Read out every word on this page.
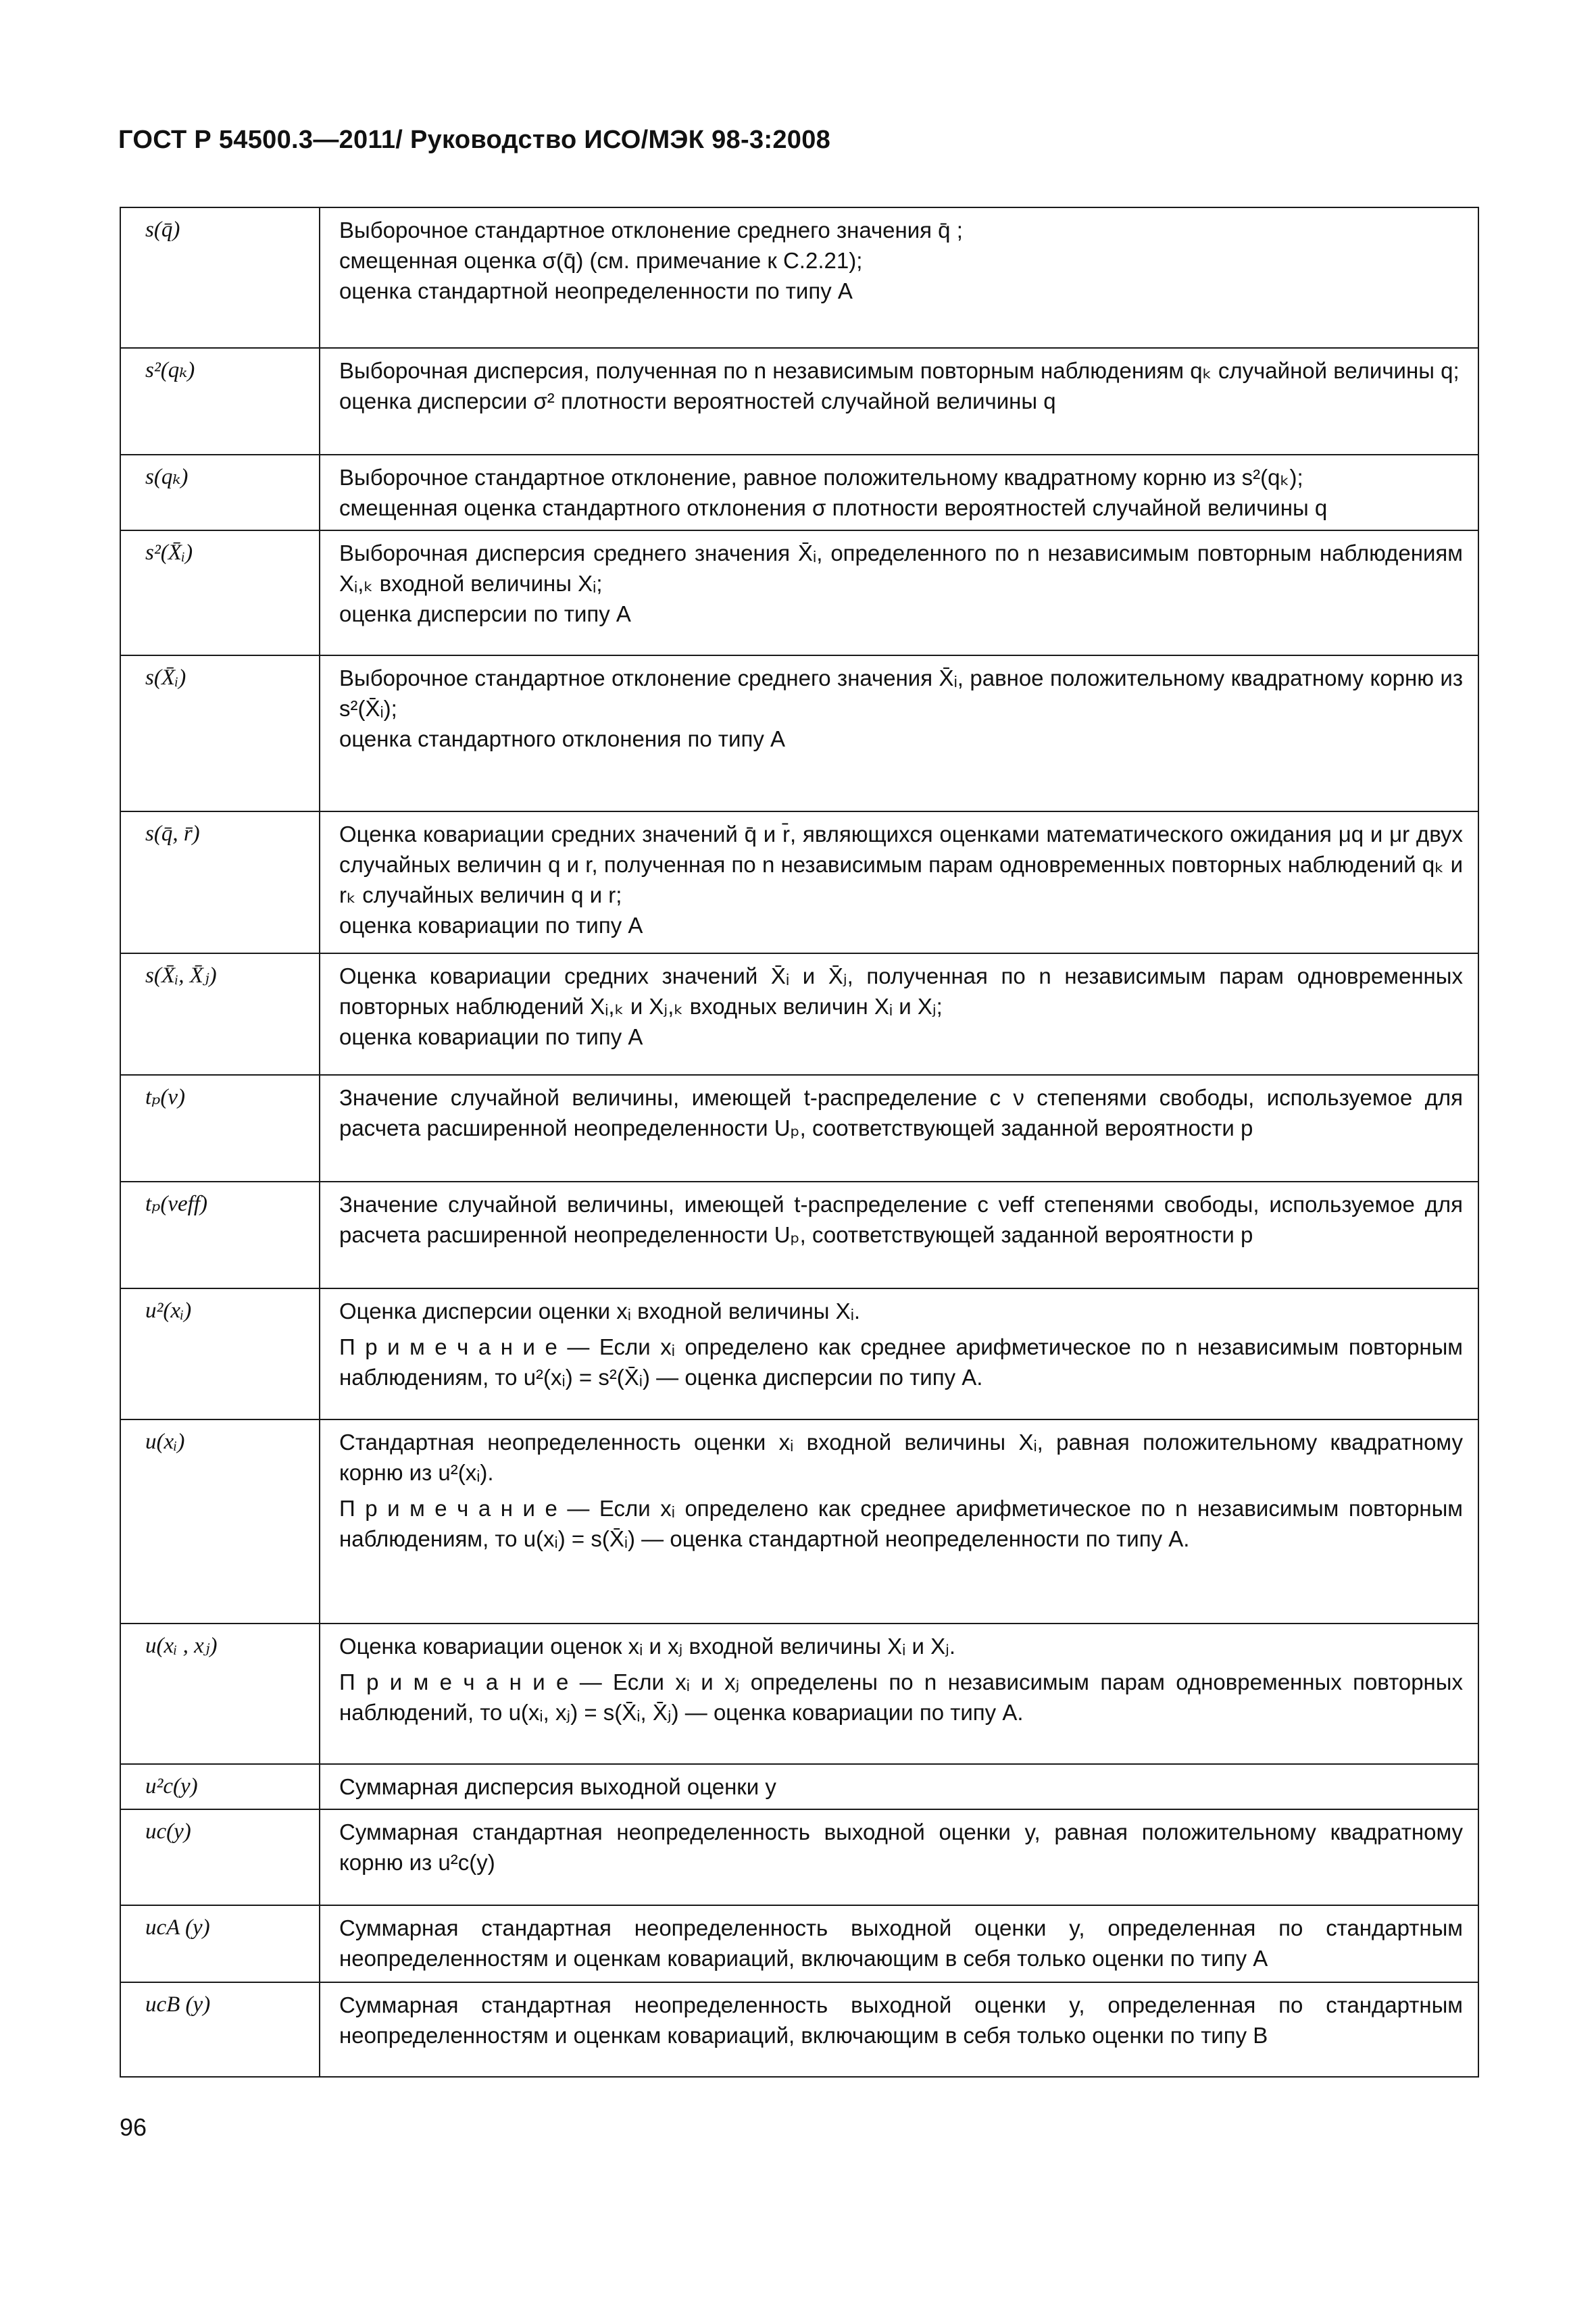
ГОСТ Р 54500.3—2011/ Руководство ИСО/МЭК 98-3:2008
s(q̄)	Выборочное стандартное отклонение среднего значения q̄ ;
смещенная оценка σ(q̄) (см. примечание к С.2.21);
оценка стандартной неопределенности по типу А

s²(qₖ)	Выборочная дисперсия, полученная по n независимым повторным наблюдениям qₖ случайной величины q;
оценка дисперсии σ² плотности вероятностей случайной величины q

s(qₖ)	Выборочное стандартное отклонение, равное положительному квадратному корню из s²(qₖ);
смещенная оценка стандартного отклонения σ плотности вероятностей случайной величины q

s²(X̄ᵢ)	Выборочная дисперсия среднего значения X̄ᵢ, определенного по n независимым повторным наблюдениям Xᵢ,ₖ входной величины Xᵢ;
оценка дисперсии по типу А

s(X̄ᵢ)	Выборочное стандартное отклонение среднего значения X̄ᵢ, равное положительному квадратному корню из s²(X̄ᵢ);
оценка стандартного отклонения по типу А

s(q̄, r̄)	Оценка ковариации средних значений q̄ и r̄, являющихся оценками математического ожидания μq и μr двух случайных величин q и r, полученная по n независимым парам одновременных повторных наблюдений qₖ и rₖ случайных величин q и r;
оценка ковариации по типу А

s(X̄ᵢ, X̄ⱼ)	Оценка ковариации средних значений X̄ᵢ и X̄ⱼ, полученная по n независимым парам одновременных повторных наблюдений Xᵢ,ₖ и Xⱼ,ₖ входных величин Xᵢ и Xⱼ;
оценка ковариации по типу А

tₚ(ν)	Значение случайной величины, имеющей t-распределение с ν степенями свободы, используемое для расчета расширенной неопределенности Uₚ, соответствующей заданной вероятности p

tₚ(νeff)	Значение случайной величины, имеющей t-распределение с νeff степенями свободы, используемое для расчета расширенной неопределенности Uₚ, соответствующей заданной вероятности p

u²(xᵢ)	Оценка дисперсии оценки xᵢ входной величины Xᵢ.
П р и м е ч а н и е — Если xᵢ определено как среднее арифметическое по n независимым повторным наблюдениям, то u²(xᵢ) = s²(X̄ᵢ) — оценка дисперсии по типу А.

u(xᵢ)	Стандартная неопределенность оценки xᵢ входной величины Xᵢ, равная положительному квадратному корню из u²(xᵢ).
П р и м е ч а н и е — Если xᵢ определено как среднее арифметическое по n независимым повторным наблюдениям, то u(xᵢ) = s(X̄ᵢ) — оценка стандартной неопределенности по типу А.

u(xᵢ , xⱼ)	Оценка ковариации оценок xᵢ и xⱼ входной величины Xᵢ и Xⱼ.
П р и м е ч а н и е — Если xᵢ и xⱼ определены по n независимым парам одновременных повторных наблюдений, то u(xᵢ, xⱼ) = s(X̄ᵢ, X̄ⱼ) — оценка ковариации по типу А.

u²c(y)	Суммарная дисперсия выходной оценки y

uc(y)	Суммарная стандартная неопределенность выходной оценки y, равная положительному квадратному корню из u²c(y)

ucA (y)	Суммарная стандартная неопределенность выходной оценки y, определенная по стандартным неопределенностям и оценкам ковариаций, включающим в себя только оценки по типу А

ucB (y)	Суммарная стандартная неопределенность выходной оценки y, определенная по стандартным неопределенностям и оценкам ковариаций, включающим в себя только оценки по типу В
96
